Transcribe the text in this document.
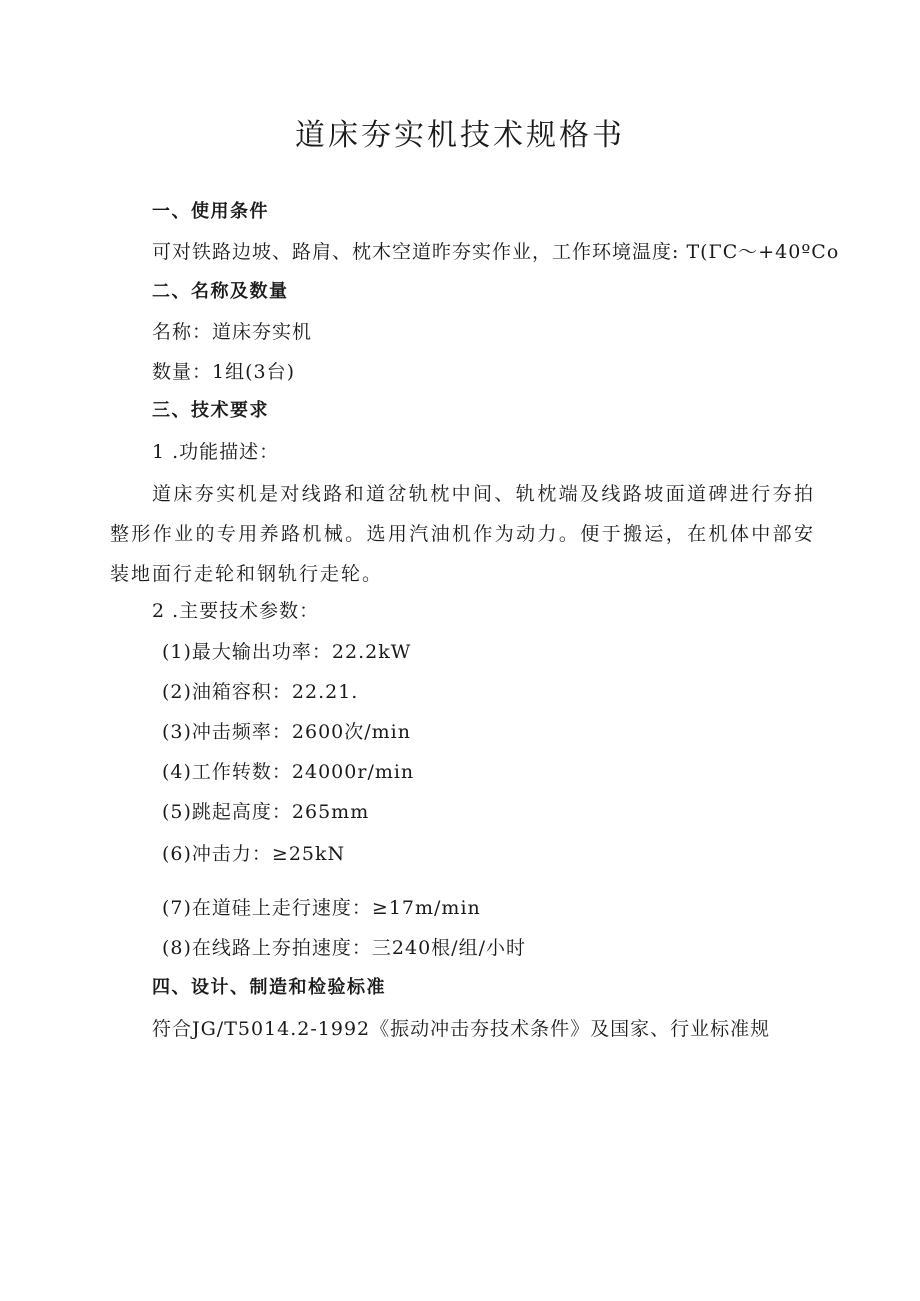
道床夯实机技术规格书
一、使用条件
可对铁路边坡、路肩、枕木空道昨夯实作业，工作环境温度: T(ΓC～+40ºCo
二、名称及数量
名称：道床夯实机
数量：1组(3台)
三、技术要求
1 .功能描述：

道床夯实机是对线路和道岔轨枕中间、轨枕端及线路坡面道碑进行夯拍整形作业的专用养路机械。选用汽油机作为动力。便于搬运，在机体中部安装地面行走轮和钢轨行走轮。

2 .主要技术参数：
(1)最大输出功率：22.2kW
(2)油箱容积：22.21.
(3)冲击频率：2600次∕min
(4)工作转数：24000r/min
(5)跳起高度：265mm
(6)冲击力：≥25kN
(7)在道硅上走行速度：≥17m/min
(8)在线路上夯拍速度：三240根/组/小时
四、设计、制造和检验标准
符合JG/T5014.2-1992《振动冲击夯技术条件》及国家、行业标准规
